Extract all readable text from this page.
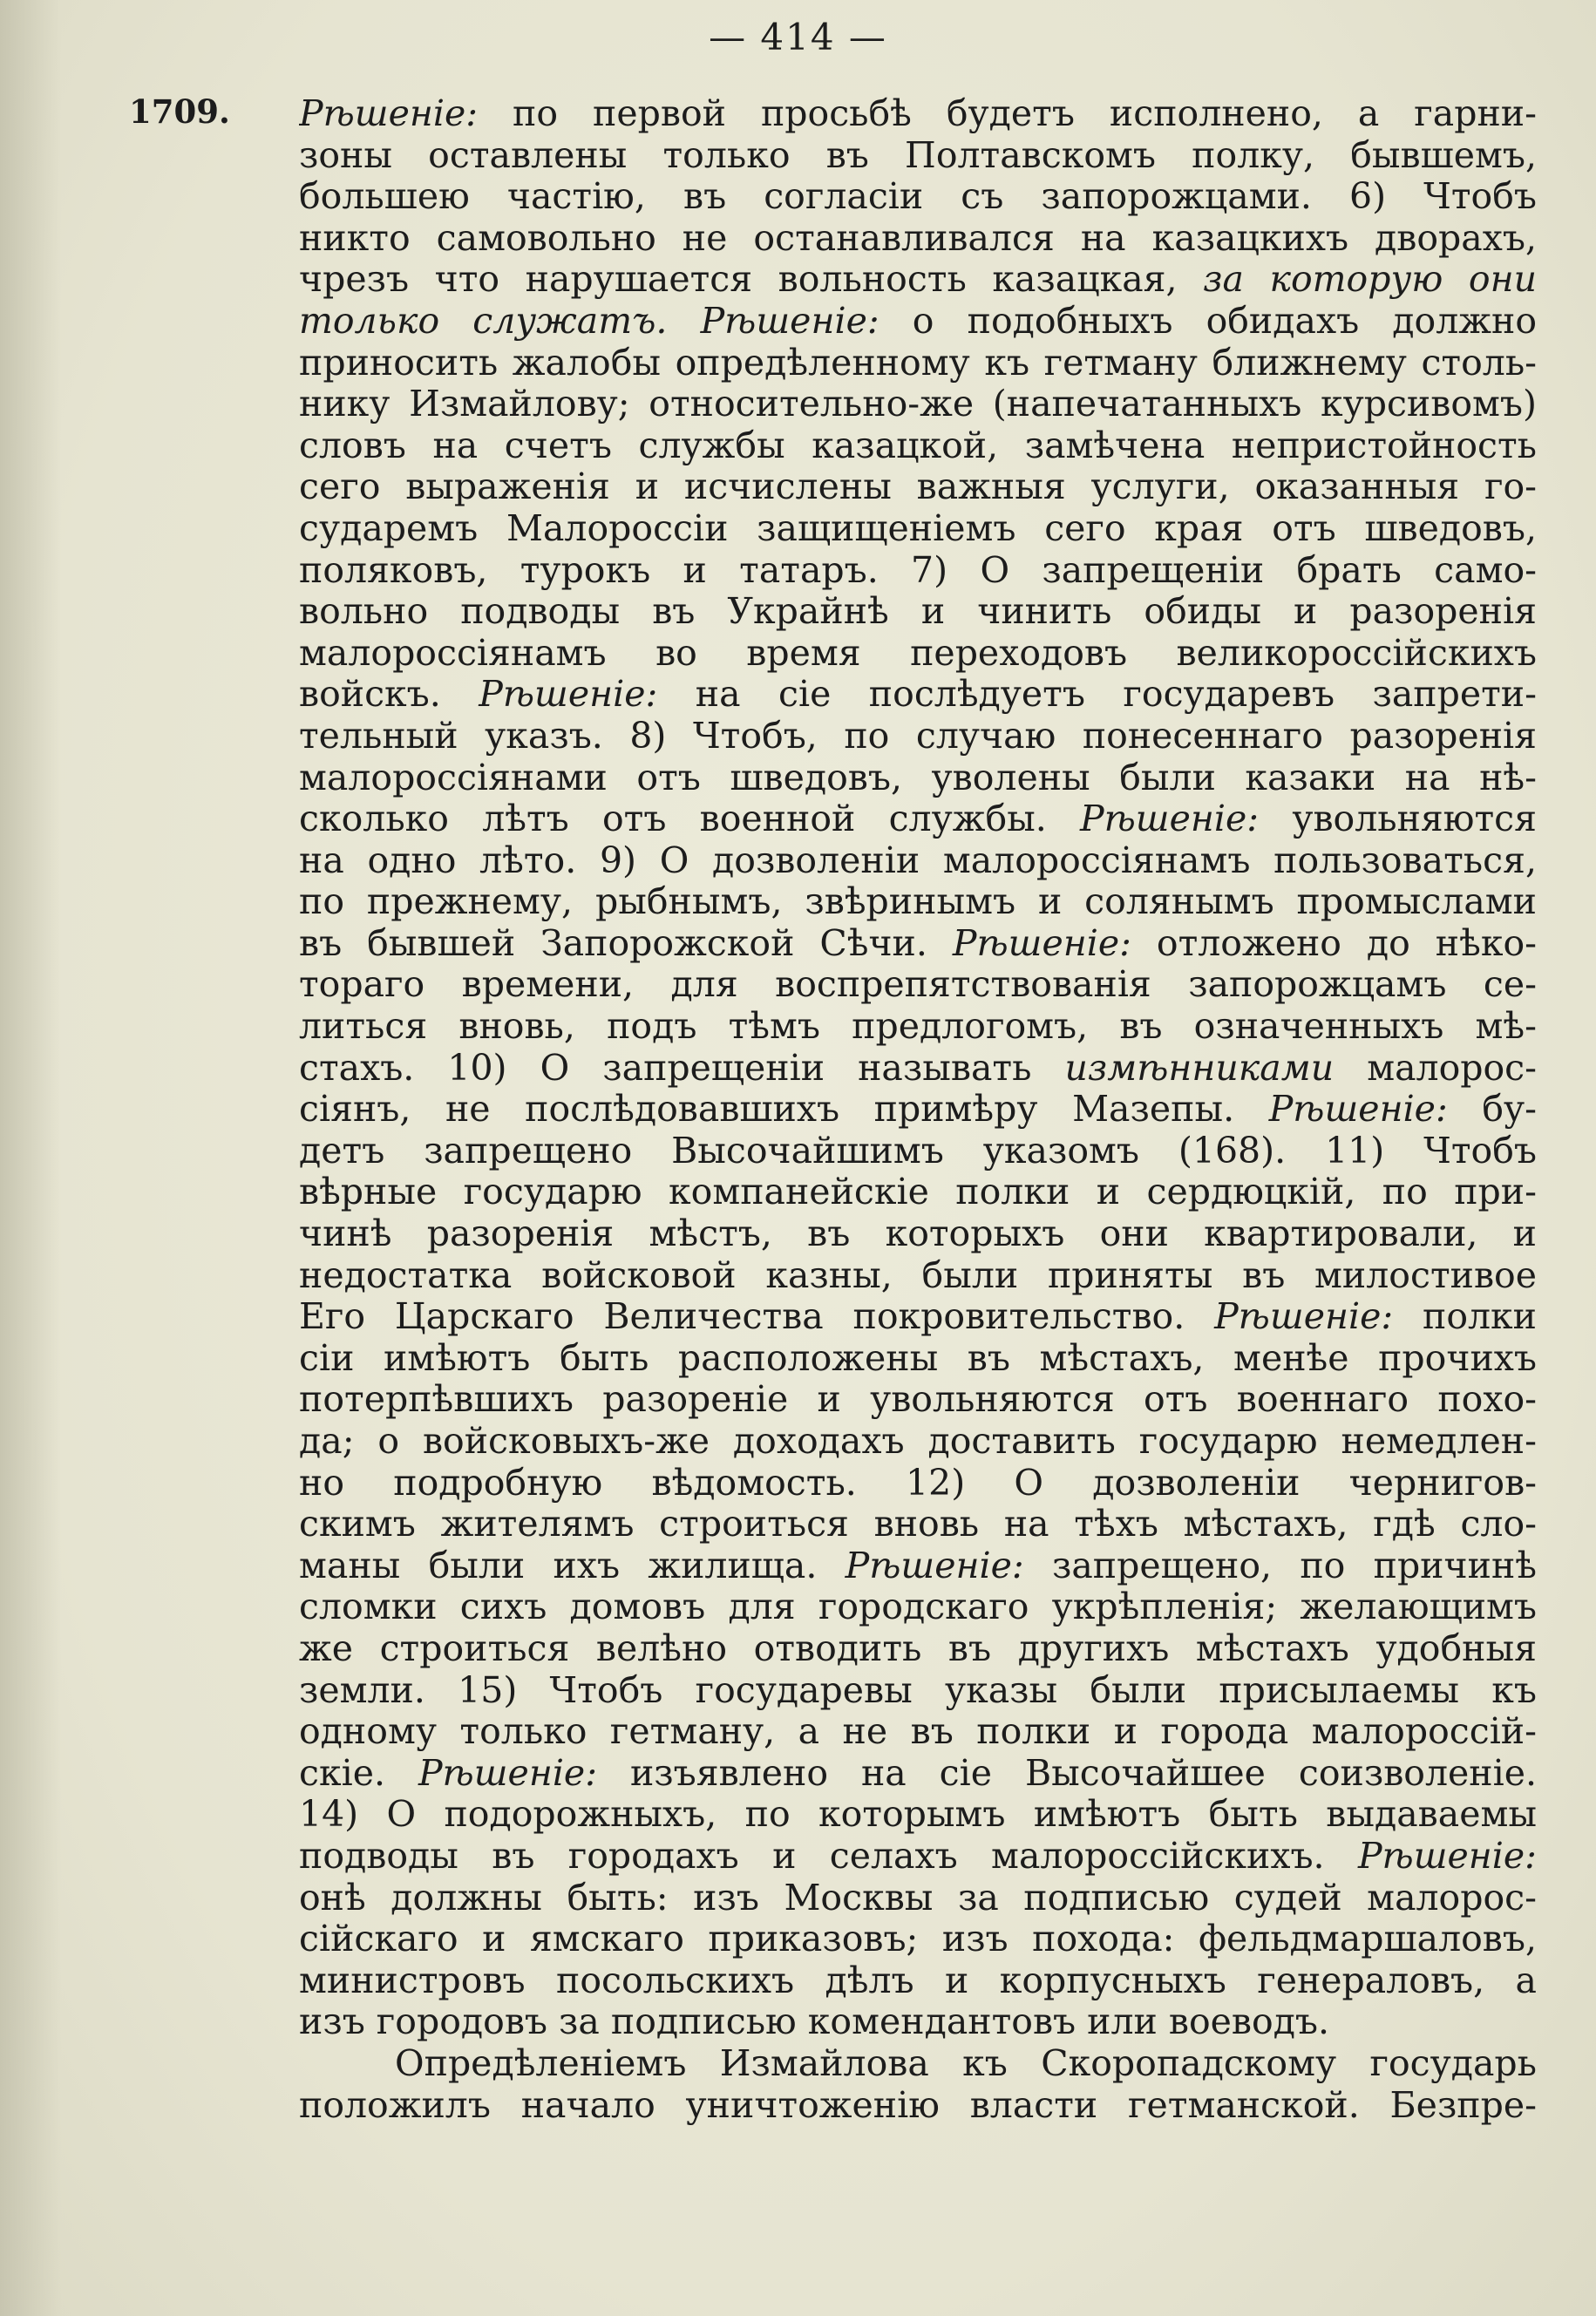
— 414 —
1709. Рѣшеніе: по первой просьбѣ будетъ исполнено, а гарни-
зоны оставлены только въ Полтавскомъ полку, бывшемъ,
большею частію, въ согласіи съ запорожцами. 6) Чтобъ
никто самовольно не останавливался на казацкихъ дворахъ,
чрезъ что нарушается вольность казацкая, за которую они
только служатъ. Рѣшеніе: о подобныхъ обидахъ должно
приносить жалобы опредѣленному къ гетману ближнему столь-
нику Измайлову; относительно-же (напечатанныхъ курсивомъ)
словъ на счетъ службы казацкой, замѣчена непристойность
сего выраженія и исчислены важныя услуги, оказанныя го-
сударемъ Малороссіи защищеніемъ сего края отъ шведовъ,
поляковъ, турокъ и татаръ. 7) О запрещеніи брать само-
вольно подводы въ Украйнѣ и чинить обиды и разоренія
малороссіянамъ во время переходовъ великороссійскихъ
войскъ. Рѣшеніе: на сіе послѣдуетъ государевъ запрети-
тельный указъ. 8) Чтобъ, по случаю понесеннаго разоренія
малороссіянами отъ шведовъ, уволены были казаки на нѣ-
сколько лѣтъ отъ военной службы. Рѣшеніе: увольняются
на одно лѣто. 9) О дозволеніи малороссіянамъ пользоваться,
по прежнему, рыбнымъ, звѣринымъ и солянымъ промыслами
въ бывшей Запорожской Сѣчи. Рѣшеніе: отложено до нѣко-
тораго времени, для воспрепятствованія запорожцамъ се-
литься вновь, подъ тѣмъ предлогомъ, въ означенныхъ мѣ-
стахъ. 10) О запрещеніи называть измѣнниками малорос-
сіянъ, не послѣдовавшихъ примѣру Мазепы. Рѣшеніе: бу-
детъ запрещено Высочайшимъ указомъ (168). 11) Чтобъ
вѣрные государю компанейскіе полки и сердюцкій, по при-
чинѣ разоренія мѣстъ, въ которыхъ они квартировали, и
недостатка войсковой казны, были приняты въ милостивое
Его Царскаго Величества покровительство. Рѣшеніе: полки
сіи имѣютъ быть расположены въ мѣстахъ, менѣе прочихъ
потерпѣвшихъ разореніе и увольняются отъ военнаго похо-
да; о войсковыхъ-же доходахъ доставить государю немедлен-
но подробную вѣдомость. 12) О дозволеніи чернигов-
скимъ жителямъ строиться вновь на тѣхъ мѣстахъ, гдѣ сло-
маны были ихъ жилища. Рѣшеніе: запрещено, по причинѣ
сломки сихъ домовъ для городскаго укрѣпленія; желающимъ
же строиться велѣно отводить въ другихъ мѣстахъ удобныя
земли. 15) Чтобъ государевы указы были присылаемы къ
одному только гетману, а не въ полки и города малороссій-
скіе. Рѣшеніе: изъявлено на сіе Высочайшее соизволеніе.
14) О подорожныхъ, по которымъ имѣютъ быть выдаваемы
подводы въ городахъ и селахъ малороссійскихъ. Рѣшеніе:
онѣ должны быть: изъ Москвы за подписью судей малорос-
сійскаго и ямскаго приказовъ; изъ похода: фельдмаршаловъ,
министровъ посольскихъ дѣлъ и корпусныхъ генераловъ, а
изъ городовъ за подписью комендантовъ или воеводъ.
Опредѣленіемъ Измайлова къ Скоропадскому государь
положилъ начало уничтоженію власти гетманской. Безпре-
